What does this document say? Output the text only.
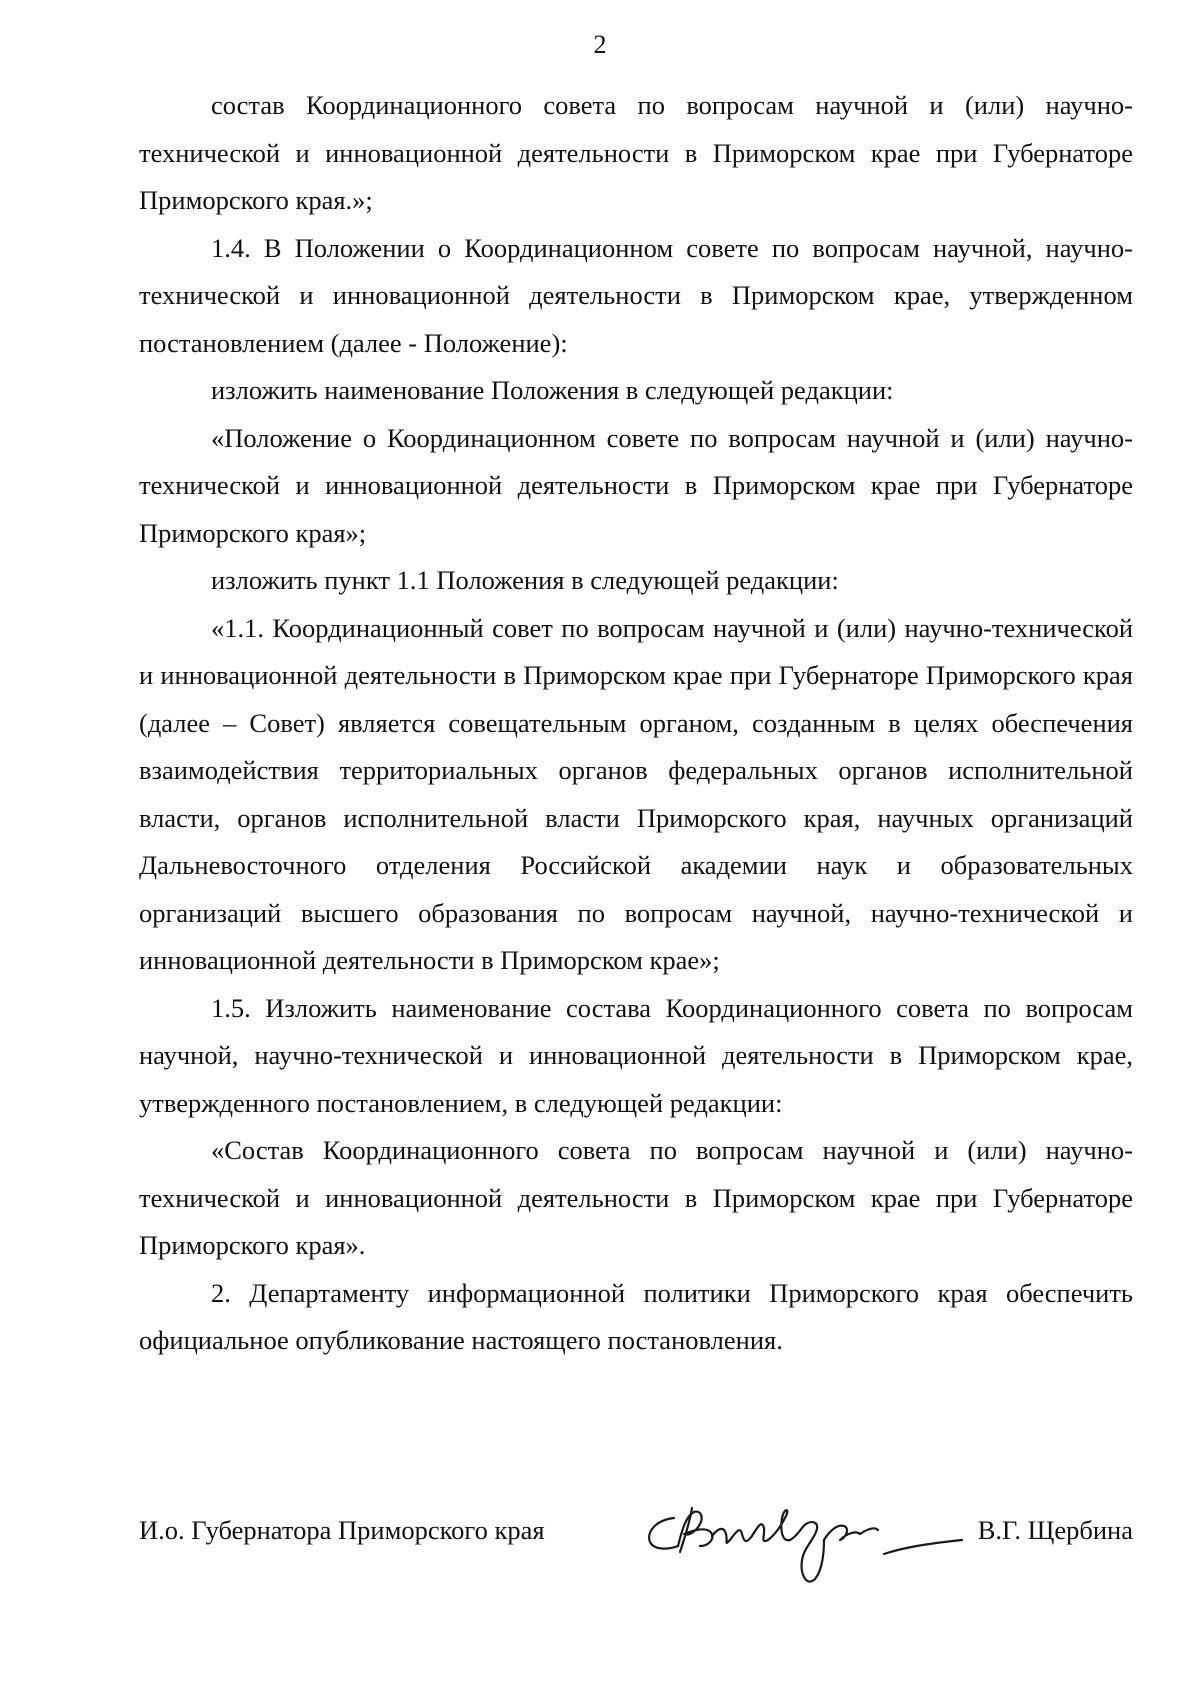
2

состав Координационного совета по вопросам научной и (или) научно-технической и инновационной деятельности в Приморском крае при Губернаторе Приморского края.»;

1.4. В Положении о Координационном совете по вопросам научной, научно-технической и инновационной деятельности в Приморском крае, утвержденном постановлением (далее - Положение):

изложить наименование Положения в следующей редакции:

«Положение о Координационном совете по вопросам научной и (или) научно-технической и инновационной деятельности в Приморском крае при Губернаторе Приморского края»;

изложить пункт 1.1 Положения в следующей редакции:

«1.1. Координационный совет по вопросам научной и (или) научно-технической и инновационной деятельности в Приморском крае при Губернаторе Приморского края (далее – Совет) является совещательным органом, созданным в целях обеспечения взаимодействия территориальных органов федеральных органов исполнительной власти, органов исполнительной власти Приморского края, научных организаций Дальневосточного отделения Российской академии наук и образовательных организаций высшего образования по вопросам научной, научно-технической и инновационной деятельности в Приморском крае»;

1.5. Изложить наименование состава Координационного совета по вопросам научной, научно-технической и инновационной деятельности в Приморском крае, утвержденного постановлением, в следующей редакции:

«Состав Координационного совета по вопросам научной и (или) научно-технической и инновационной деятельности в Приморском крае при Губернаторе Приморского края».

2. Департаменту информационной политики Приморского края обеспечить официальное опубликование настоящего постановления.

И.о. Губернатора Приморского края	В.Г. Щербина
